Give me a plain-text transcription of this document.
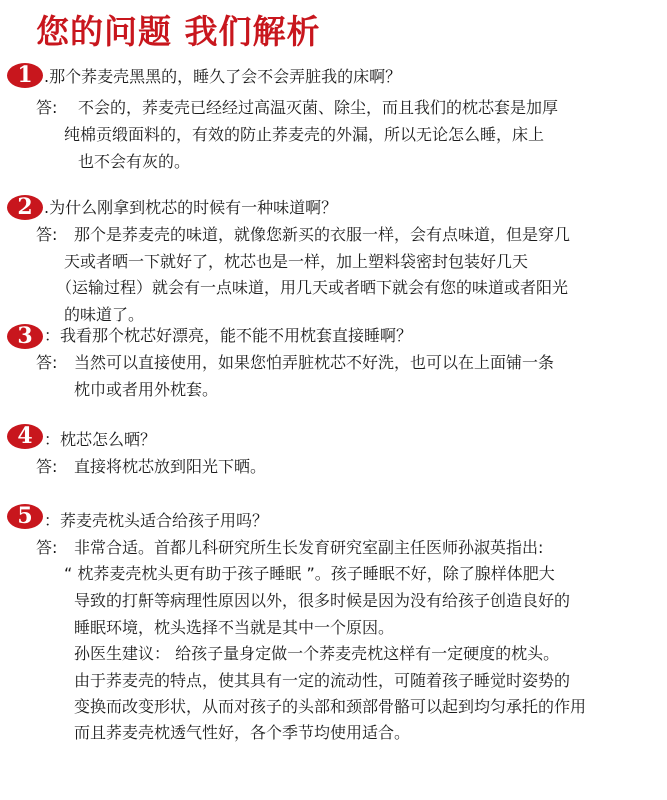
您的问题 我们解析
1 .那个荞麦壳黑黑的，睡久了会不会弄脏我的床啊？
答: 不会的，荞麦壳已经经过高温灭菌、除尘，而且我们的枕芯套是加厚
纯棉贡缎面料的，有效的防止荞麦壳的外漏，所以无论怎么睡，床上
也不会有灰的。
2 .为什么刚拿到枕芯的时候有一种味道啊？
答: 那个是荞麦壳的味道，就像您新买的衣服一样，会有点味道，但是穿几
天或者晒一下就好了，枕芯也是一样，加上塑料袋密封包装好几天
（运输过程）就会有一点味道，用几天或者晒下就会有您的味道或者阳光
的味道了。
3 ：我看那个枕芯好漂亮，能不能不用枕套直接睡啊？
答: 当然可以直接使用，如果您怕弄脏枕芯不好洗，也可以在上面铺一条
枕巾或者用外枕套。
4 ：枕芯怎么晒？
答: 直接将枕芯放到阳光下晒。
5 ：荞麦壳枕头适合给孩子用吗？
答: 非常合适。首都儿科研究所生长发育研究室副主任医师孙淑英指出:
“ 枕荞麦壳枕头更有助于孩子睡眠 ”。孩子睡眠不好，除了腺样体肥大
导致的打鼾等病理性原因以外，很多时候是因为没有给孩子创造良好的
睡眠环境，枕头选择不当就是其中一个原因。
孙医生建议： 给孩子量身定做一个荞麦壳枕这样有一定硬度的枕头。
由于荞麦壳的特点，使其具有一定的流动性，可随着孩子睡觉时姿势的
变换而改变形状，从而对孩子的头部和颈部骨骼可以起到均匀承托的作用
而且荞麦壳枕透气性好，各个季节均使用适合。
